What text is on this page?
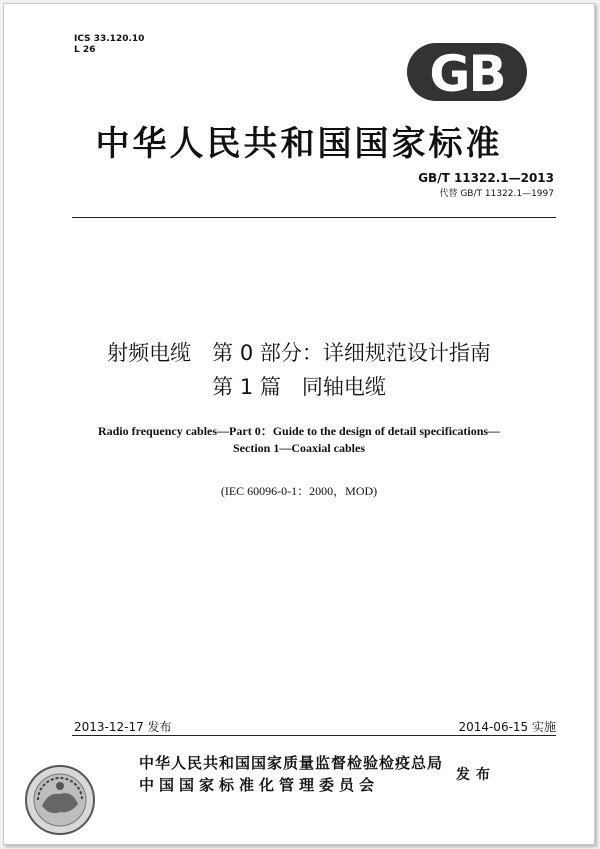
ICS 33.120.10
L 26	GB
中华人民共和国国家标准
GB/T 11322.1—2013
代替 GB/T 11322.1—1997
射频电缆　第 0 部分：详细规范设计指南
第 1 篇　同轴电缆
Radio frequency cables—Part 0：Guide to the design of detail specifications—
Section 1—Coaxial cables
(IEC 60096-0-1：2000，MOD)
2013-12-17 发布	2014-06-15 实施
中华人民共和国国家质量监督检验检疫总局
中国国家标准化管理委员会
发布
